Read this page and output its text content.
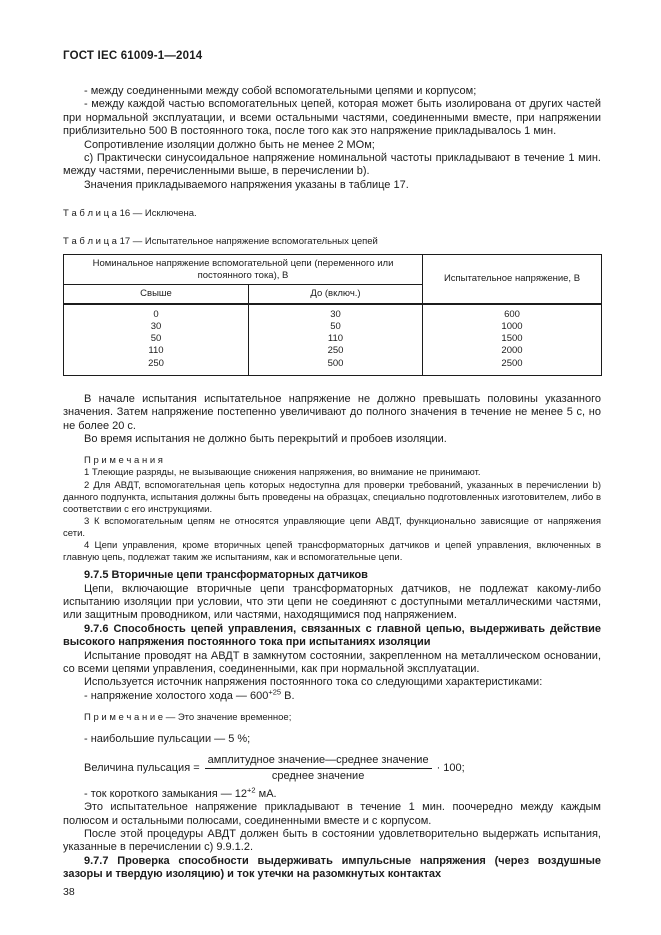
ГОСТ IEC 61009-1—2014

- между соединенными между собой вспомогательными цепями и корпусом;

- между каждой частью вспомогательных цепей, которая может быть изолирована от других частей при нормальной эксплуатации, и всеми остальными частями, соединенными вместе, при напряжении приблизительно 500 В постоянного тока, после того как это напряжение прикладывалось 1 мин.

Сопротивление изоляции должно быть не менее 2 МОм;

с) Практически синусоидальное напряжение номинальной частоты прикладывают в течение 1 мин. между частями, перечисленными выше, в перечислении b).

Значения прикладываемого напряжения указаны в таблице 17.

Т а б л и ц а 16 — Исключена.
Т а б л и ц а 17 — Испытательное напряжение вспомогательных цепей
Номинальное напряжение вспомогательной цепи (переменного или постоянного тока), В		Испытательное напряжение, В
Свыше	До (включ.)	
0	30	600
30	50	1000
50	110	1500
110	250	2000
250	500	2500

В начале испытания испытательное напряжение не должно превышать половины указанного значения. Затем напряжение постепенно увеличивают до полного значения в течение не менее 5 с, но не более 20 с.

Во время испытания не должно быть перекрытий и пробоев изоляции.

П р и м е ч а н и я
1 Тлеющие разряды, не вызывающие снижения напряжения, во внимание не принимают.
2 Для АВДТ, вспомогательная цепь которых недоступна для проверки требований, указанных в перечислении b) данного подпункта, испытания должны быть проведены на образцах, специально подготовленных изготовителем, либо в соответствии с его инструкциями.
3 К вспомогательным цепям не относятся управляющие цепи АВДТ, функционально зависящие от напряжения сети.
4 Цепи управления, кроме вторичных цепей трансформаторных датчиков и цепей управления, включенных в главную цепь, подлежат таким же испытаниям, как и вспомогательные цепи.

9.7.5 Вторичные цепи трансформаторных датчиков

Цепи, включающие вторичные цепи трансформаторных датчиков, не подлежат какому-либо испытанию изоляции при условии, что эти цепи не соединяют с доступными металлическими частями, или защитным проводником, или частями, находящимися под напряжением.

9.7.6 Способность цепей управления, связанных с главной цепью, выдерживать действие высокого напряжения постоянного тока при испытаниях изоляции

Испытание проводят на АВДТ в замкнутом состоянии, закрепленном на металлическом основании, со всеми цепями управления, соединенными, как при нормальной эксплуатации.

Используется источник напряжения постоянного тока со следующими характеристиками:

- напряжение холостого хода — $600^{+25}$ В.

П р и м е ч а н и е — Это значение временное;

- наибольшие пульсации — 5 %;

Величина пульсация = $\frac{\text{амплитудное значение—среднее значение}}{\text{среднее значение}} \cdot 100$;

- ток короткого замыкания — $12^{+2}$ мА.

Это испытательное напряжение прикладывают в течение 1 мин. поочередно между каждым полюсом и остальными полюсами, соединенными вместе и с корпусом.

После этой процедуры АВДТ должен быть в состоянии удовлетворительно выдержать испытания, указанные в перечислении с) 9.9.1.2.

9.7.7 Проверка способности выдерживать импульсные напряжения (через воздушные зазоры и твердую изоляцию) и ток утечки на разомкнутых контактах

38
